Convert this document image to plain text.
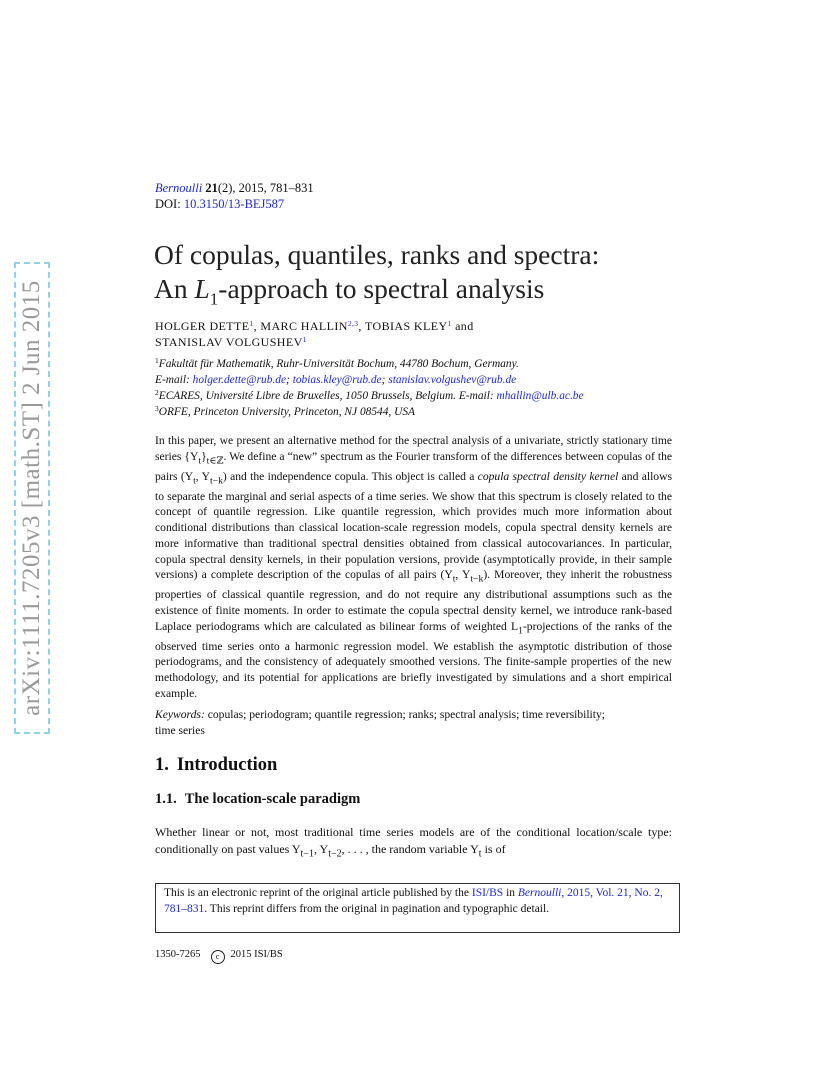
arXiv:1111.7205v3 [math.ST] 2 Jun 2015
Bernoulli 21(2), 2015, 781–831
DOI: 10.3150/13-BEJ587
Of copulas, quantiles, ranks and spectra:
An $L_1$-approach to spectral analysis
HOLGER DETTE$^1$, MARC HALLIN$^{2,3}$, TOBIAS KLEY$^1$ and
STANISLAV VOLGUSHEV$^1$
$^1$Fakultät für Mathematik, Ruhr-Universität Bochum, 44780 Bochum, Germany.
E-mail: holger.dette@rub.de; tobias.kley@rub.de; stanislav.volgushev@rub.de
$^2$ECARES, Université Libre de Bruxelles, 1050 Brussels, Belgium. E-mail: mhallin@ulb.ac.be
$^3$ORFE, Princeton University, Princeton, NJ 08544, USA
In this paper, we present an alternative method for the spectral analysis of a univariate, strictly stationary time series $\{Y_t\}_{t\in ℤ}$. We define a “new” spectrum as the Fourier transform of the differences between copulas of the pairs ($Y_t$, $Y_{t-k}$) and the independence copula. This object is called a copula spectral density kernel and allows to separate the marginal and serial aspects of a time series. We show that this spectrum is closely related to the concept of quantile regression. Like quantile regression, which provides much more information about conditional distributions than classical location-scale regression models, copula spectral density kernels are more informative than traditional spectral densities obtained from classical autocovariances. In particular, copula spectral density kernels, in their population versions, provide (asymptotically provide, in their sample versions) a complete description of the copulas of all pairs ($Y_t$, $Y_{t-k}$). Moreover, they inherit the robustness properties of classical quantile regression, and do not require any distributional assumptions such as the existence of finite moments. In order to estimate the copula spectral density kernel, we introduce rank-based Laplace periodograms which are calculated as bilinear forms of weighted $L_1$-projections of the ranks of the observed time series onto a harmonic regression model. We establish the asymptotic distribution of those periodograms, and the consistency of adequately smoothed versions. The finite-sample properties of the new methodology, and its potential for applications are briefly investigated by simulations and a short empirical example.
Keywords: copulas; periodogram; quantile regression; ranks; spectral analysis; time reversibility; time series
1. Introduction
1.1. The location-scale paradigm
Whether linear or not, most traditional time series models are of the conditional location/scale type: conditionally on past values $Y_{t-1}$, $Y_{t-2}$, . . . , the random variable $Y_t$ is of
This is an electronic reprint of the original article published by the ISI/BS in Bernoulli, 2015, Vol. 21, No. 2, 781–831. This reprint differs from the original in pagination and typographic detail.
1350-7265 c 2015 ISI/BS
